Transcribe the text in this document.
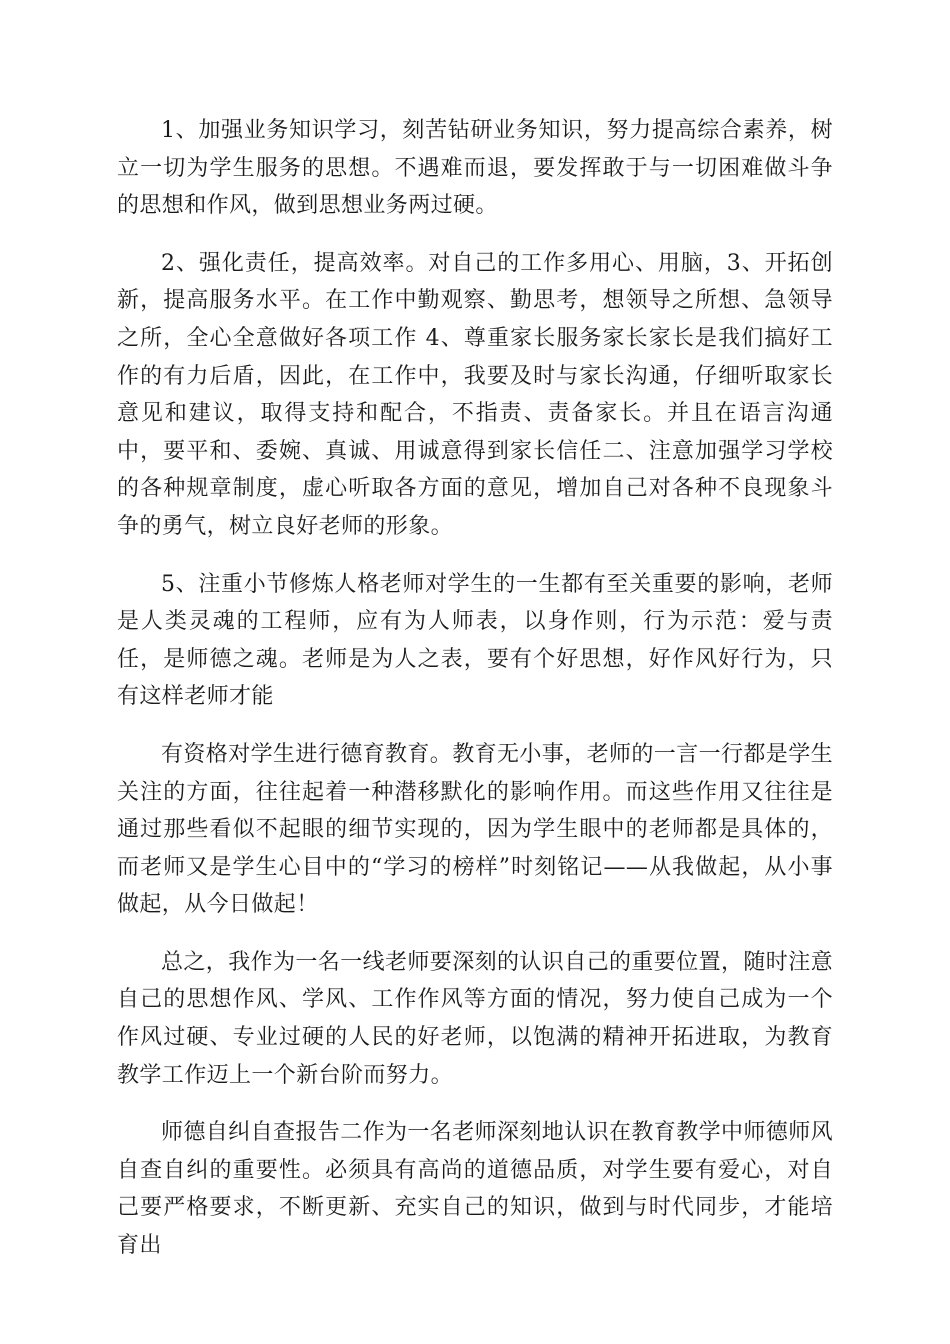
1、加强业务知识学习，刻苦钻研业务知识，努力提高综合素养，树立一切为学生服务的思想。不遇难而退，要发挥敢于与一切困难做斗争的思想和作风，做到思想业务两过硬。

2、强化责任，提高效率。对自己的工作多用心、用脑，3、开拓创新，提高服务水平。在工作中勤观察、勤思考，想领导之所想、急领导之所，全心全意做好各项工作 4、尊重家长服务家长家长是我们搞好工作的有力后盾，因此，在工作中，我要及时与家长沟通，仔细听取家长意见和建议，取得支持和配合，不指责、责备家长。并且在语言沟通中，要平和、委婉、真诚、用诚意得到家长信任二、注意加强学习学校的各种规章制度，虚心听取各方面的意见，增加自己对各种不良现象斗争的勇气，树立良好老师的形象。

5、注重小节修炼人格老师对学生的一生都有至关重要的影响，老师是人类灵魂的工程师，应有为人师表，以身作则，行为示范：爱与责任，是师德之魂。老师是为人之表，要有个好思想，好作风好行为，只有这样老师才能

有资格对学生进行德育教育。教育无小事，老师的一言一行都是学生关注的方面，往往起着一种潜移默化的影响作用。而这些作用又往往是通过那些看似不起眼的细节实现的，因为学生眼中的老师都是具体的，而老师又是学生心目中的“学习的榜样”时刻铭记——从我做起，从小事做起，从今日做起！

总之，我作为一名一线老师要深刻的认识自己的重要位置，随时注意自己的思想作风、学风、工作作风等方面的情况，努力使自己成为一个作风过硬、专业过硬的人民的好老师，以饱满的精神开拓进取，为教育教学工作迈上一个新台阶而努力。

师德自纠自查报告二作为一名老师深刻地认识在教育教学中师德师风自查自纠的重要性。必须具有高尚的道德品质，对学生要有爱心，对自己要严格要求，不断更新、充实自己的知识，做到与时代同步，才能培育出
